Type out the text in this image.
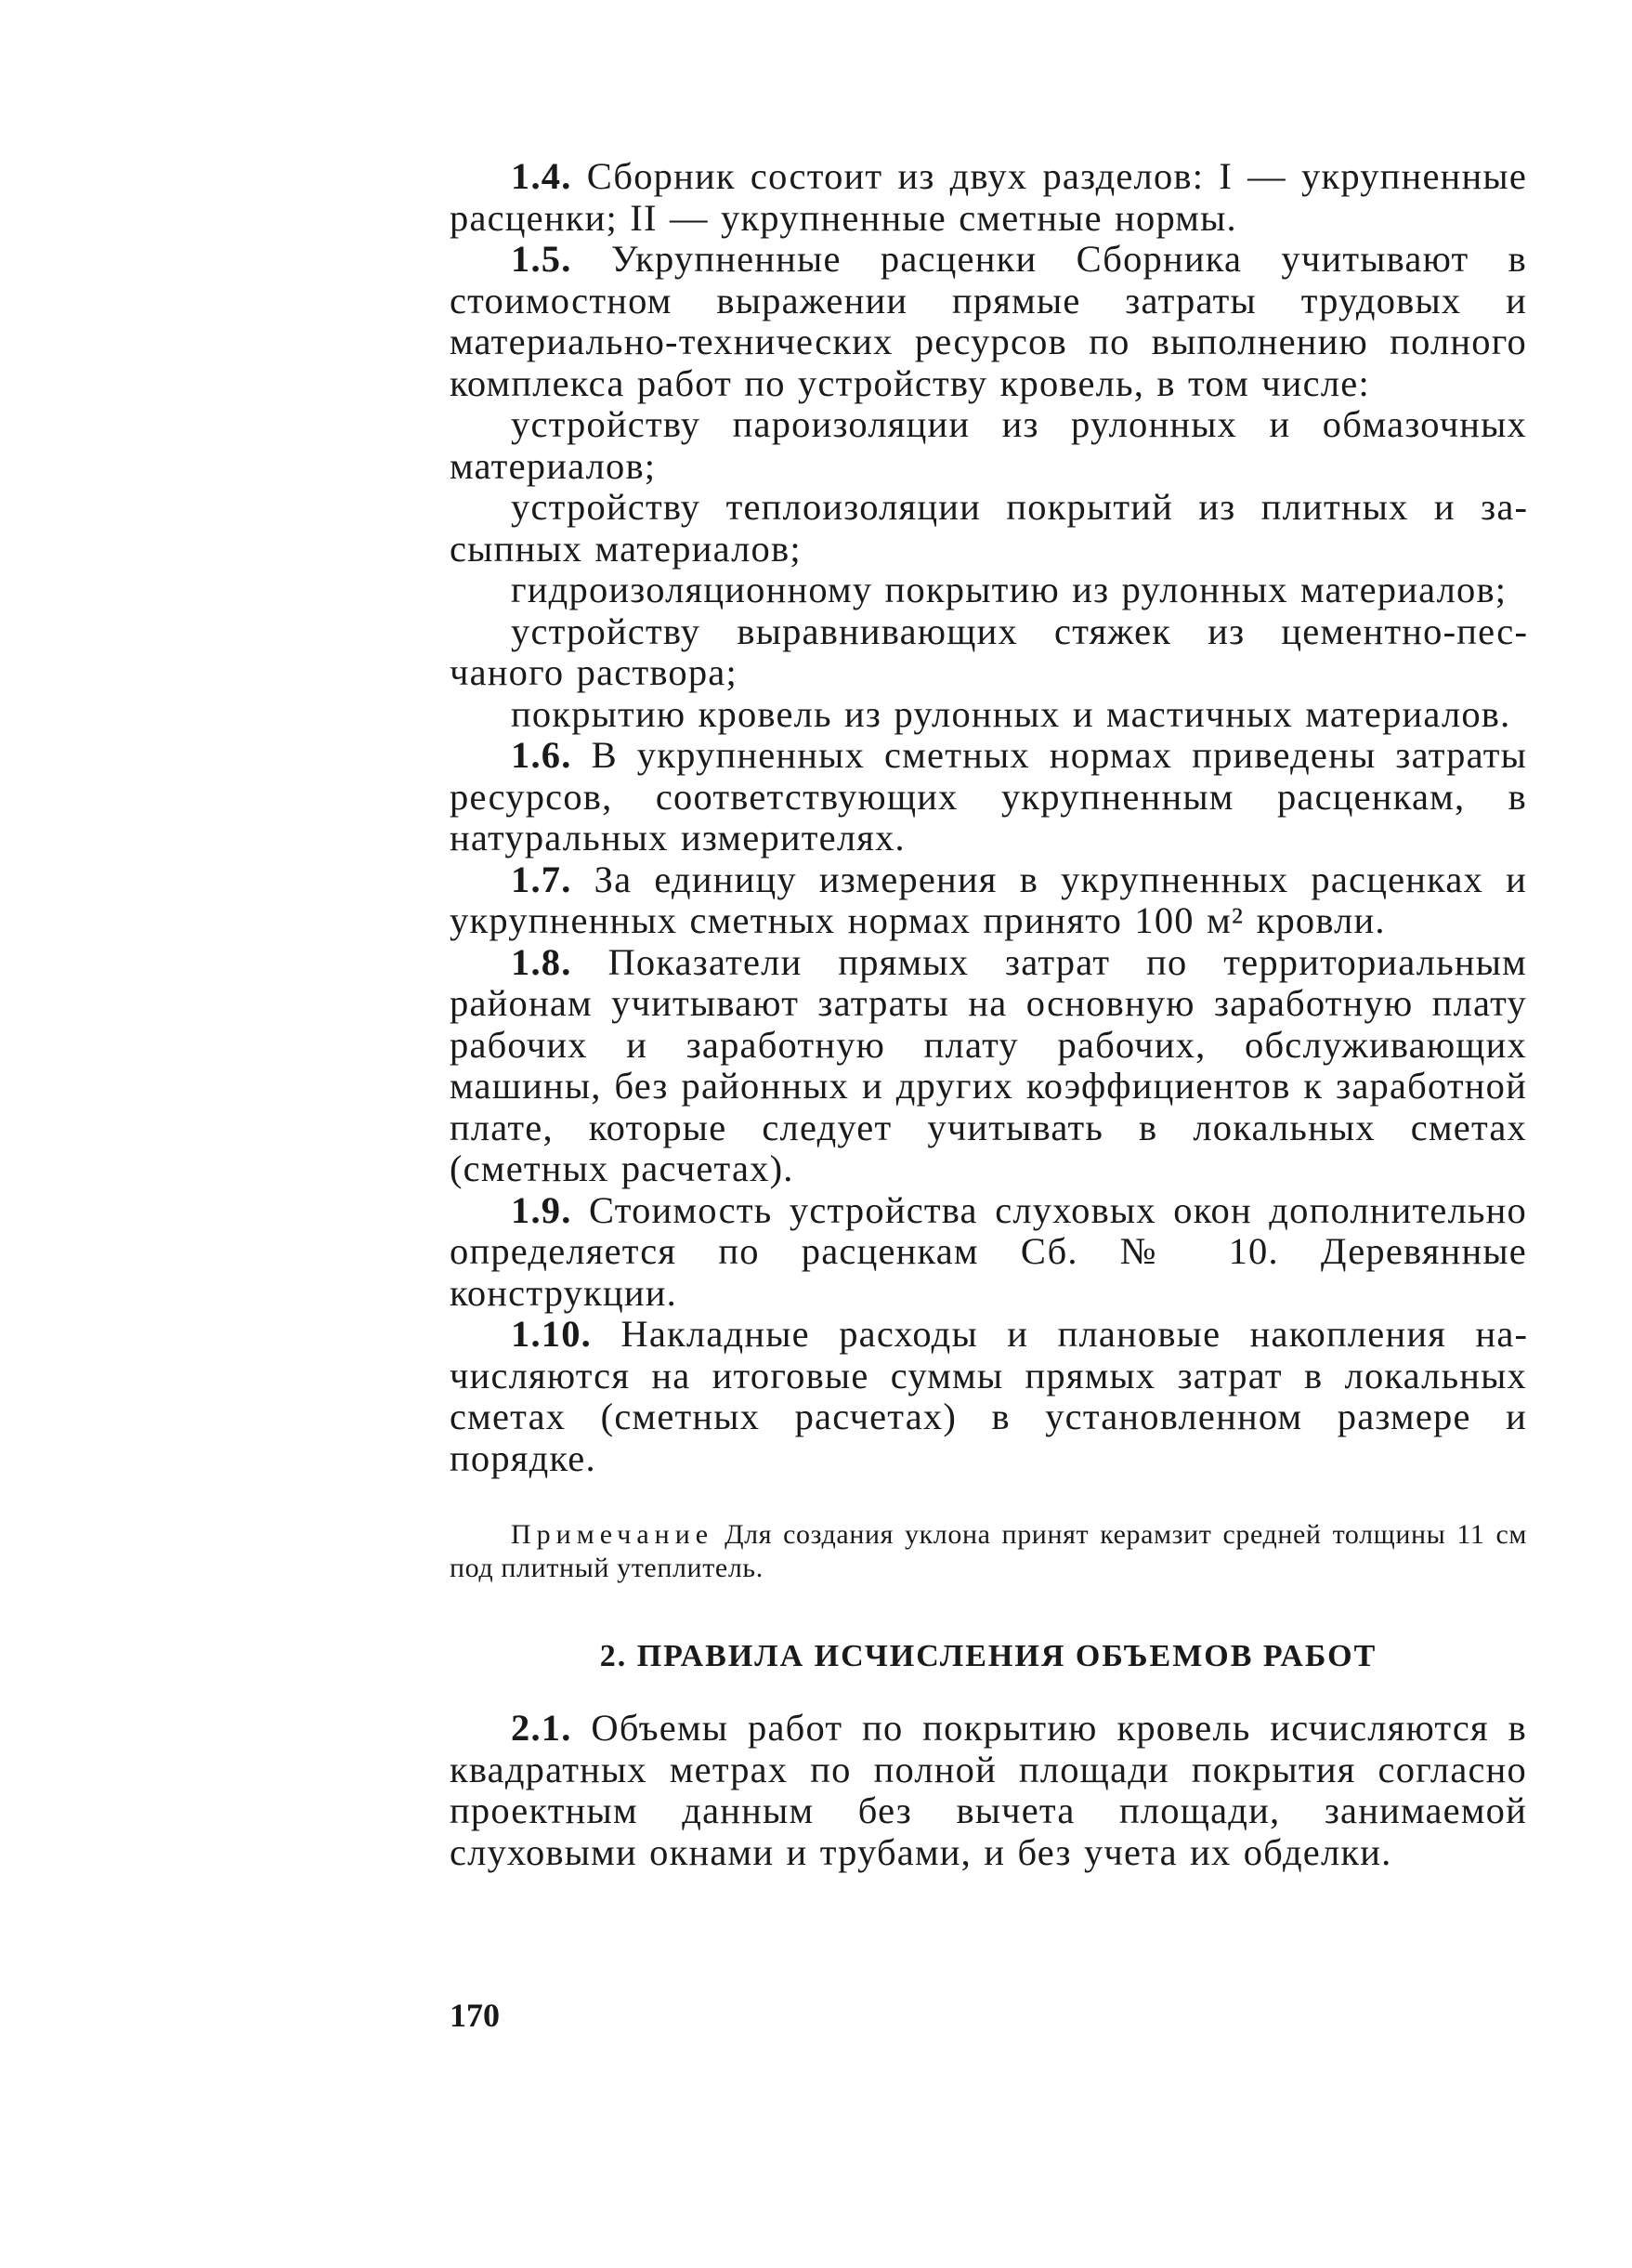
1.4. Сборник состоит из двух разделов: I — укрупненные расценки; II — укрупненные сметные нормы.

1.5. Укрупненные расценки Сборника учитывают в стоимостном выражении прямые затраты трудовых и материально-технических ресурсов по выполнению полного комплекса работ по устройству кровель, в том числе:

устройству пароизоляции из рулонных и обмазочных материалов;

устройству теплоизоляции покрытий из плитных и засыпных материалов;

гидроизоляционному покрытию из рулонных материалов;

устройству выравнивающих стяжек из цементно-песчаного раствора;

покрытию кровель из рулонных и мастичных материалов.

1.6. В укрупненных сметных нормах приведены затраты ресурсов, соответствующих укрупненным расценкам, в натуральных измерителях.

1.7. За единицу измерения в укрупненных расценках и укрупненных сметных нормах принято 100 м² кровли.

1.8. Показатели прямых затрат по территориальным районам учитывают затраты на основную заработную плату рабочих и заработную плату рабочих, обслуживающих машины, без районных и других коэффициентов к заработной плате, которые следует учитывать в локальных сметах (сметных расчетах).

1.9. Стоимость устройства слуховых окон дополнительно определяется по расценкам Сб. № 10. Деревянные конструкции.

1.10. Накладные расходы и плановые накопления начисляются на итоговые суммы прямых затрат в локальных сметах (сметных расчетах) в установленном размере и порядке.

Примечание Для создания уклона принят керамзит средней толщины 11 см под плитный утеплитель.

2. ПРАВИЛА ИСЧИСЛЕНИЯ ОБЪЕМОВ РАБОТ

2.1. Объемы работ по покрытию кровель исчисляются в квадратных метрах по полной площади покрытия согласно проектным данным без вычета площади, занимаемой слуховыми окнами и трубами, и без учета их обделки.

170
